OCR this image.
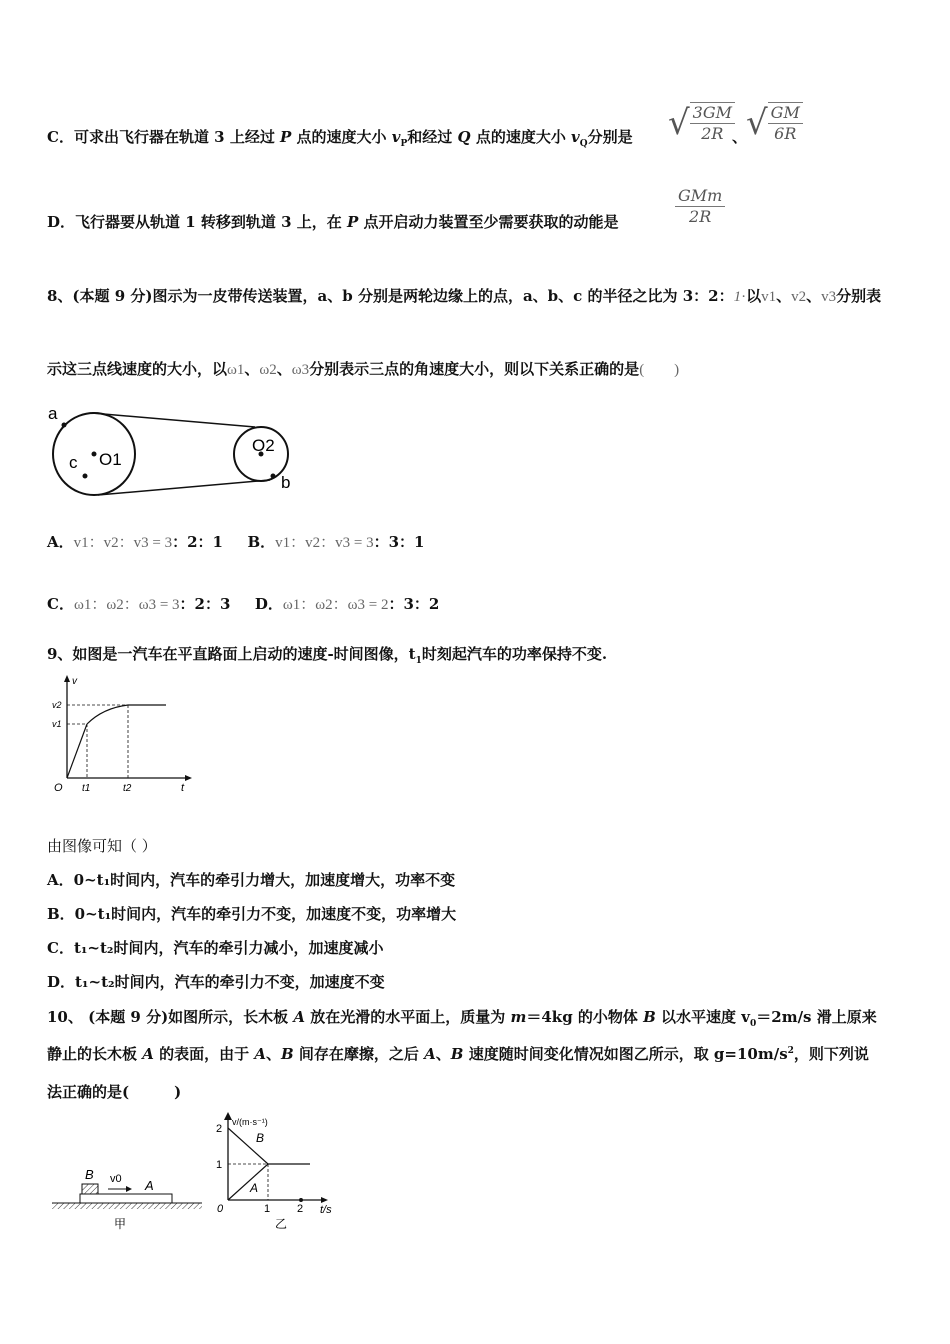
C．可求出飞行器在轨道 3 上经过 P 点的速度大小 $v_P$和经过 Q 点的速度大小 $v_Q$分别是 √ $\frac{3GM}{2R}$
、
√ $\frac{GM}{6R}$
D．飞行器要从轨道 1 转移到轨道 3 上，在 P 点开启动力装置至少需要获取的动能是	$\frac{\text{GMm}}{2R}$
8、(本题 9 分)图示为一皮带传送装置，a、b 分别是两轮边缘上的点，a、b、c 的半径之比为 3：2：1·以v1、v2、v3分别表
示这三点线速度的大小，以ω1、ω2、ω3分别表示三点的角速度大小，则以下关系正确的是(　　)
a
c O1
O2
b
A．v1：v2：v3 = 3：2：1 B．v1：v2：v3 = 3：3：1
C．ω1：ω2：ω3 = 3：2：3 D．ω1：ω2：ω3 = 2：3：2
9、如图是一汽车在平直路面上启动的速度-时间图像，$t_1$时刻起汽车的功率保持不变.
v
v2
v1
O t1	t2	t
由图像可知（ ）
A．0~t₁时间内，汽车的牵引力增大，加速度增大，功率不变
B．0~t₁时间内，汽车的牵引力不变，加速度不变，功率增大
C．t₁~t₂时间内，汽车的牵引力减小，加速度减小
D．t₁~t₂时间内，汽车的牵引力不变，加速度不变
10、 (本题 9 分)如图所示，长木板 A 放在光滑的水平面上，质量为 m＝4kg 的小物体 B 以水平速度 $v_0=2m/s$ 滑上原来
静止的长木板 A 的表面，由于 A、B 间存在摩擦，之后 A、B 速度随时间变化情况如图乙所示，取 $g=10m/s^2$，则下列说
法正确的是(　　　)
B v0 A
甲
v/(m·s⁻¹)
2
1
0	1 2 t/s
B
A
乙
